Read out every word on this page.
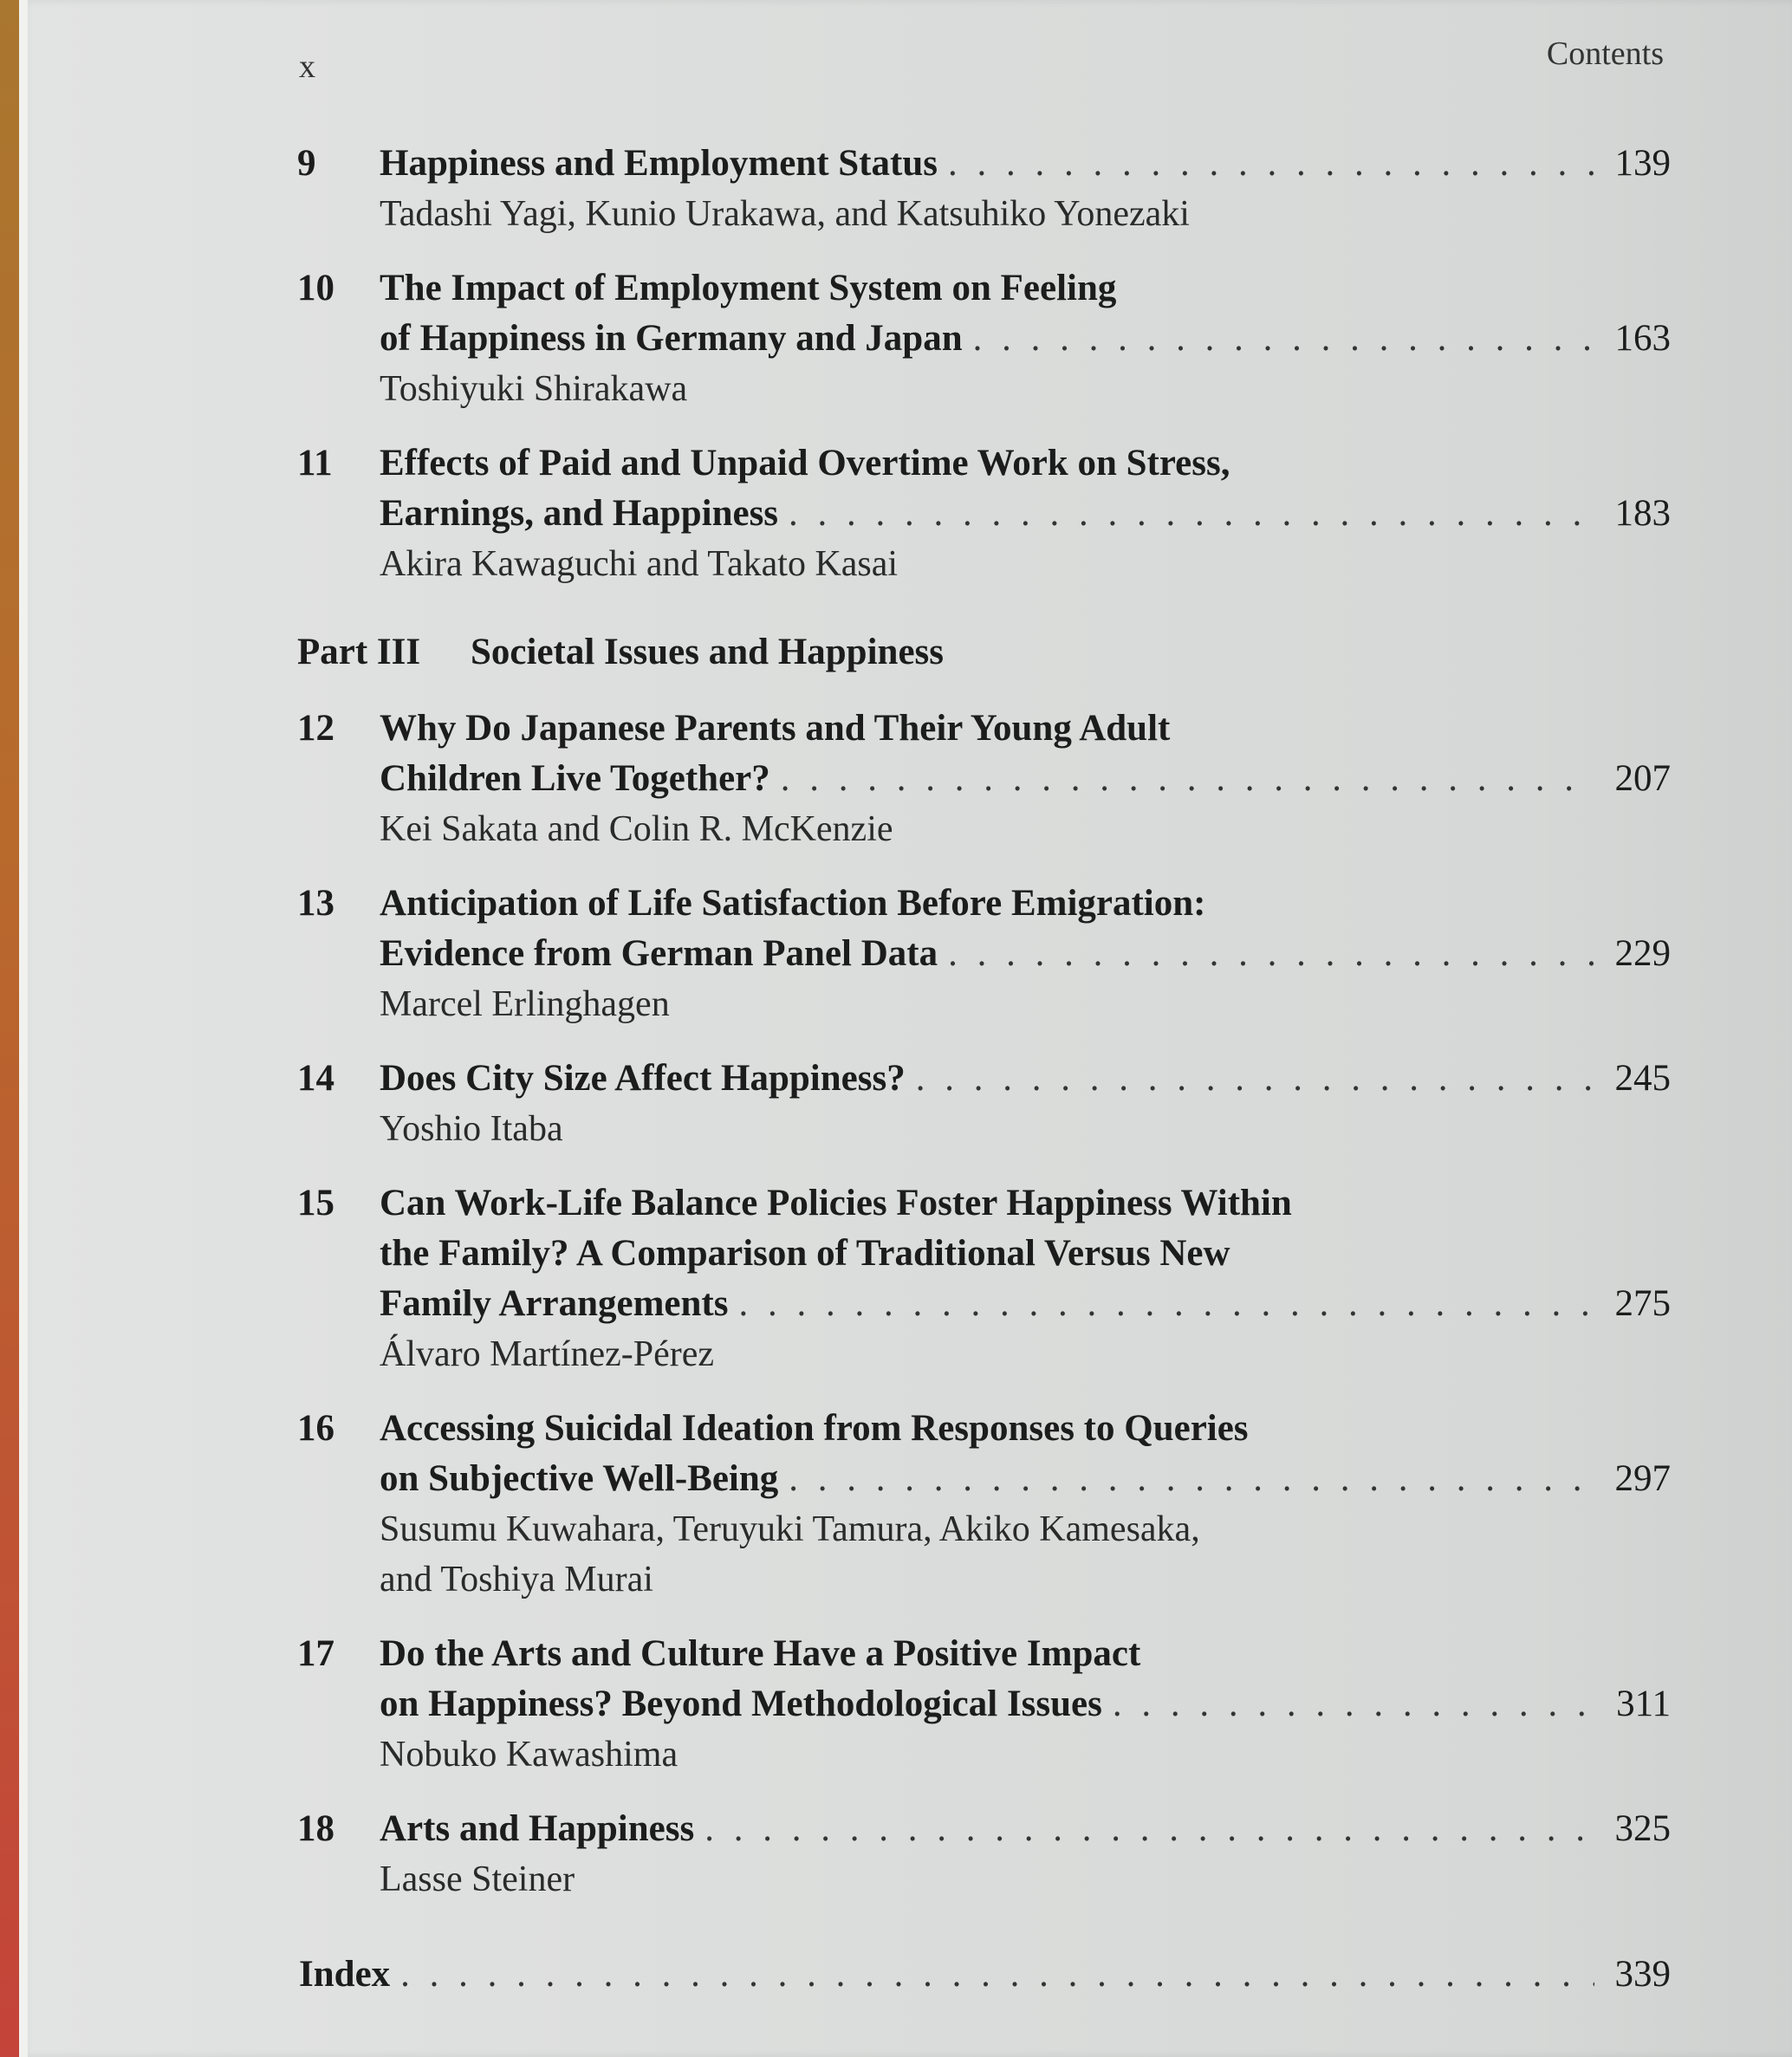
x	Contents
9 Happiness and Employment Status . . .	139
Tadashi Yagi, Kunio Urakawa, and Katsuhiko Yonezaki
10 The Impact of Employment System on Feeling
of Happiness in Germany and Japan . . .	163
Toshiyuki Shirakawa
11 Effects of Paid and Unpaid Overtime Work on Stress,
Earnings, and Happiness . . .	183
Akira Kawaguchi and Takato Kasai
Part III	Societal Issues and Happiness
12 Why Do Japanese Parents and Their Young Adult
Children Live Together? . . .	207
Kei Sakata and Colin R. McKenzie
13 Anticipation of Life Satisfaction Before Emigration:
Evidence from German Panel Data . . .	229
Marcel Erlinghagen
14 Does City Size Affect Happiness? . . .	245
Yoshio Itaba
15 Can Work-Life Balance Policies Foster Happiness Within
the Family? A Comparison of Traditional Versus New
Family Arrangements . . .	275
Álvaro Martínez-Pérez
16 Accessing Suicidal Ideation from Responses to Queries
on Subjective Well-Being . . .	297
Susumu Kuwahara, Teruyuki Tamura, Akiko Kamesaka,
and Toshiya Murai
17 Do the Arts and Culture Have a Positive Impact
on Happiness? Beyond Methodological Issues . . .	311
Nobuko Kawashima
18 Arts and Happiness . . .	325
Lasse Steiner
Index . . .	339
